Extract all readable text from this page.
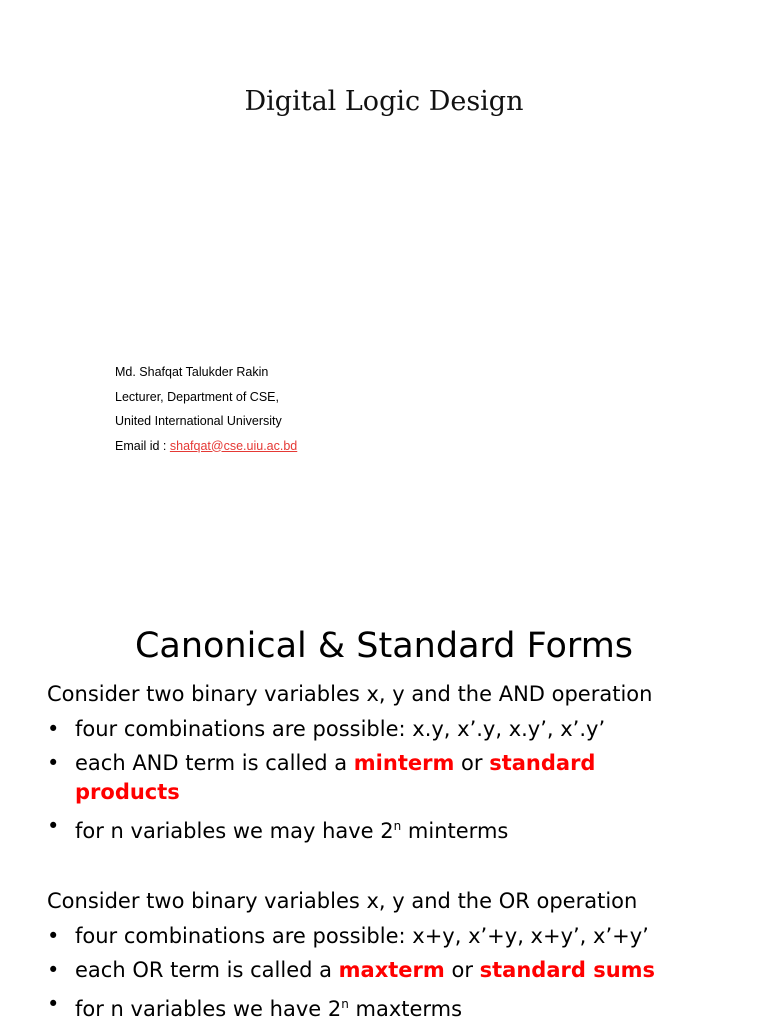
Digital Logic Design
Md. Shafqat Talukder Rakin
Lecturer, Department of CSE,
United International University
Email id : shafqat@cse.uiu.ac.bd
Canonical & Standard Forms
Consider two binary variables x, y and the AND operation
• four combinations are possible: x.y, x’.y, x.y’, x’.y’
• each AND term is called a minterm or standard
products
• for n variables we may have 2$^n$ minterms
Consider two binary variables x, y and the OR operation
• four combinations are possible: x+y, x’+y, x+y’, x’+y’
• each OR term is called a maxterm or standard sums
• for n variables we have 2$^n$ maxterms
